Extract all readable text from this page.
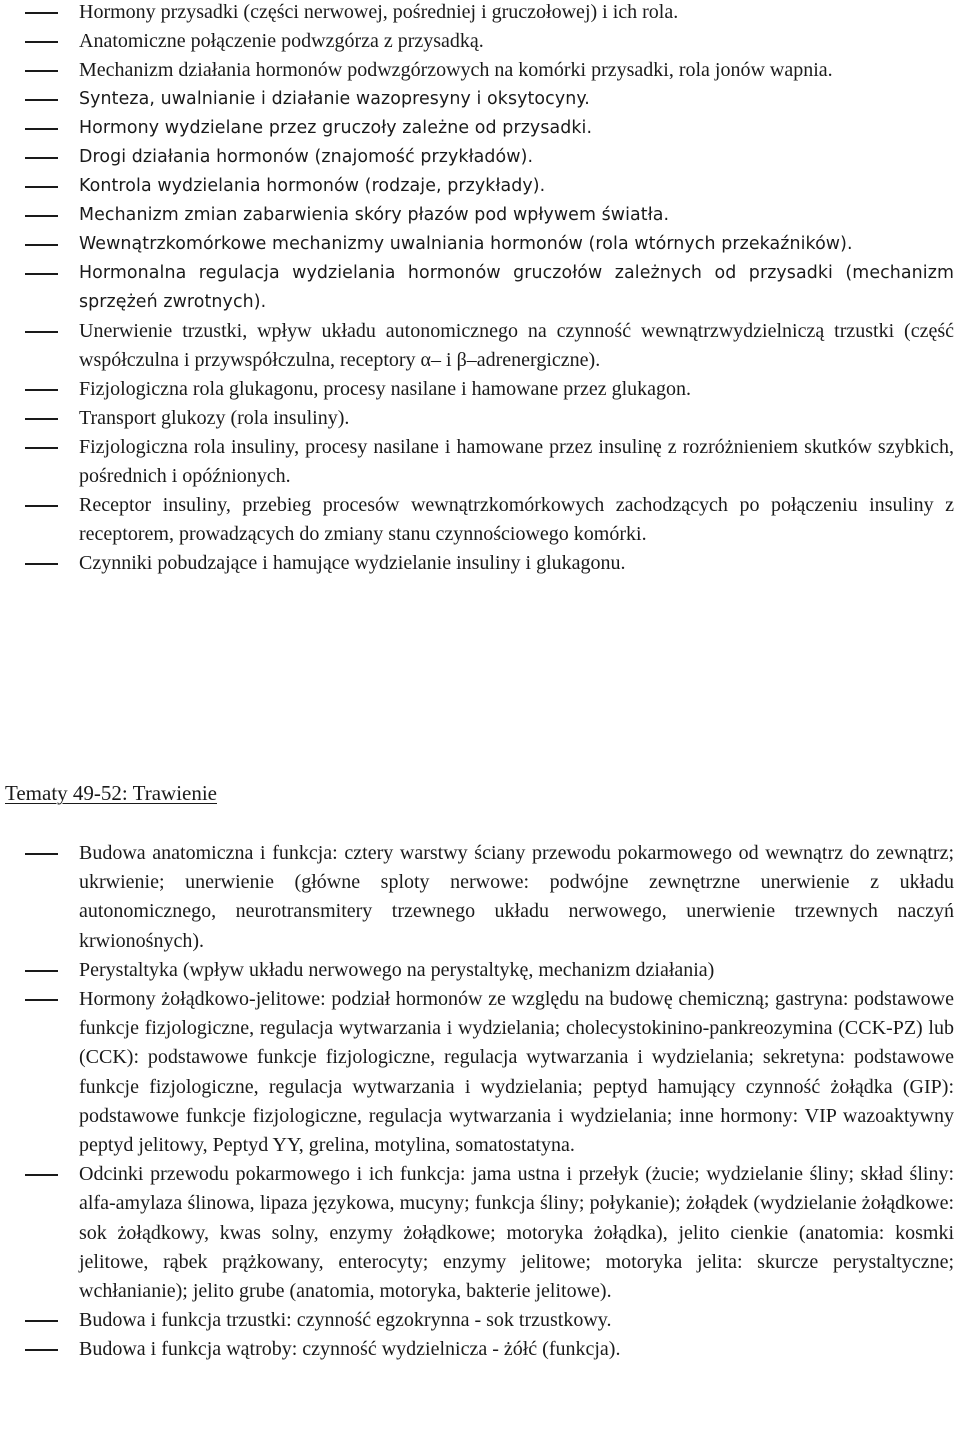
Hormony przysadki (części nerwowej, pośredniej i gruczołowej) i ich rola.
Anatomiczne połączenie podwzgórza z przysadką.
Mechanizm działania hormonów podwzgórzowych na komórki przysadki, rola jonów wapnia.
Synteza, uwalnianie i działanie wazopresyny i oksytocyny.
Hormony wydzielane przez gruczoły zależne od przysadki.
Drogi działania hormonów (znajomość przykładów).
Kontrola wydzielania hormonów (rodzaje, przykłady).
Mechanizm zmian zabarwienia skóry płazów pod wpływem światła.
Wewnątrzkomórkowe mechanizmy uwalniania hormonów (rola wtórnych przekaźników).
Hormonalna regulacja wydzielania hormonów gruczołów zależnych od przysadki (mechanizm sprzężeń zwrotnych).
Unerwienie trzustki, wpływ układu autonomicznego na czynność wewnątrzwydzielniczą trzustki (część współczulna i przywspółczulna, receptory α– i β–adrenergiczne).
Fizjologiczna rola glukagonu, procesy nasilane i hamowane przez glukagon.
Transport glukozy (rola insuliny).
Fizjologiczna rola insuliny, procesy nasilane i hamowane przez insulinę z rozróżnieniem skutków szybkich, pośrednich i opóźnionych.
Receptor insuliny, przebieg procesów wewnątrzkomórkowych zachodzących po połączeniu insuliny z receptorem, prowadzących do zmiany stanu czynnościowego komórki.
Czynniki pobudzające i hamujące wydzielanie insuliny i glukagonu.
Tematy 49-52: Trawienie
Budowa anatomiczna i funkcja: cztery warstwy ściany przewodu pokarmowego od wewnątrz do zewnątrz; ukrwienie; unerwienie (główne sploty nerwowe: podwójne zewnętrzne unerwienie z układu autonomicznego, neurotransmitery trzewnego układu nerwowego, unerwienie trzewnych naczyń krwionośnych).
Perystaltyka (wpływ układu nerwowego na perystaltykę, mechanizm działania)
Hormony żołądkowo-jelitowe: podział hormonów ze względu na budowę chemiczną; gastryna: podstawowe funkcje fizjologiczne, regulacja wytwarzania i wydzielania; cholecystokinino-pankreozymina (CCK-PZ) lub (CCK): podstawowe funkcje fizjologiczne, regulacja wytwarzania i wydzielania; sekretyna: podstawowe funkcje fizjologiczne, regulacja wytwarzania i wydzielania; peptyd hamujący czynność żołądka (GIP): podstawowe funkcje fizjologiczne, regulacja wytwarzania i wydzielania; inne hormony: VIP wazoaktywny peptyd jelitowy, Peptyd YY, grelina, motylina, somatostatyna.
Odcinki przewodu pokarmowego i ich funkcja: jama ustna i przełyk (żucie; wydzielanie śliny; skład śliny: alfa-amylaza ślinowa, lipaza językowa, mucyny; funkcja śliny; połykanie); żołądek (wydzielanie żołądkowe: sok żołądkowy, kwas solny, enzymy żołądkowe; motoryka żołądka), jelito cienkie (anatomia: kosmki jelitowe, rąbek prążkowany, enterocyty; enzymy jelitowe; motoryka jelita: skurcze perystaltyczne; wchłanianie); jelito grube (anatomia, motoryka, bakterie jelitowe).
Budowa i funkcja trzustki: czynność egzokrynna - sok trzustkowy.
Budowa i funkcja wątroby: czynność wydzielnicza - żółć (funkcja).
